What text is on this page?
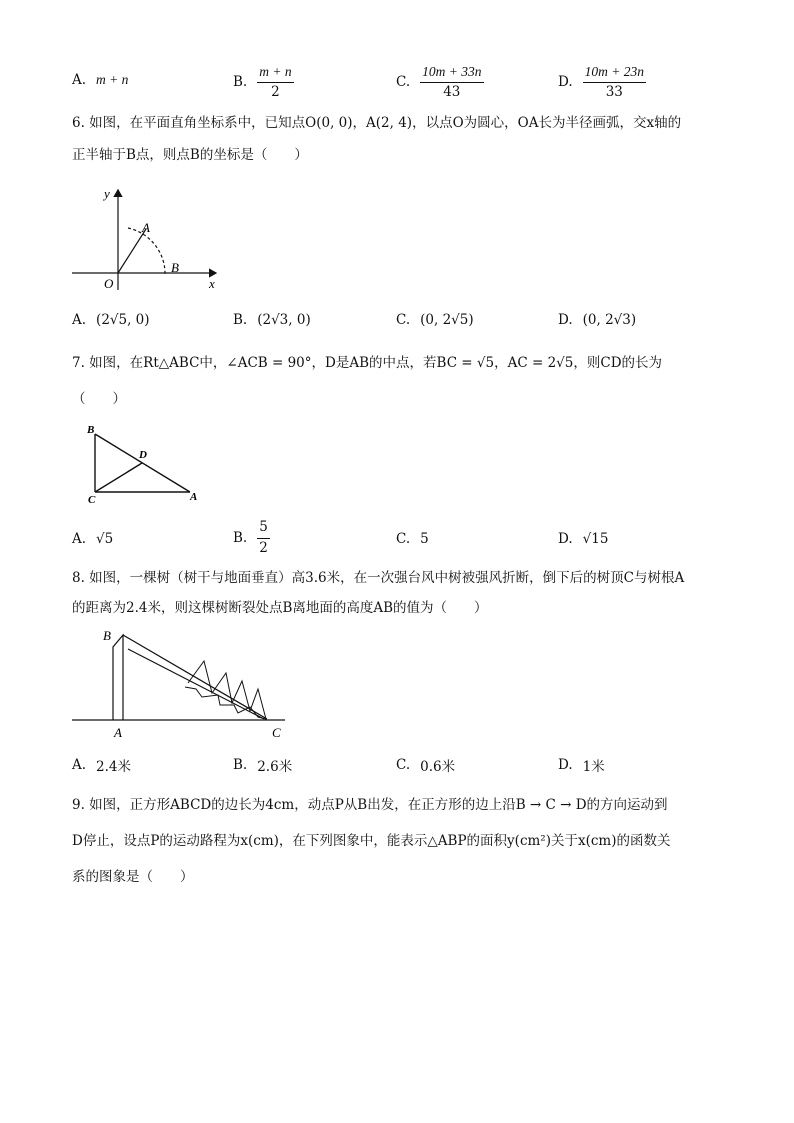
A. m + n	B. $\frac{m + n}{2}$	C. $\frac{10m + 33n}{43}$	D. $\frac{10m + 23n}{33}$
6. 如图，在平面直角坐标系中，已知点O(0, 0)，A(2, 4)，以点O为圆心，OA长为半径画弧，交x轴的
正半轴于B点，则点B的坐标是（　　）
y
x
O
A
B
A. (2√5, 0)	B. (2√3, 0)	C. (0, 2√5)	D. (0, 2√3)
7. 如图，在Rt△ABC中，∠ACB = 90°，D是AB的中点，若BC = √5，AC = 2√5，则CD的长为
（　　）
B
D
C	A
A. √5	B. $\frac{5}{2}$	C. 5	D. √15
8. 如图，一棵树（树干与地面垂直）高3.6米，在一次强台风中树被强风折断，倒下后的树顶C与树根A
的距离为2.4米，则这棵树断裂处点B离地面的高度AB的值为（　　）
B
A	C
A. 2.4米	B. 2.6米	C. 0.6米	D. 1米
9. 如图，正方形ABCD的边长为4cm，动点P从B出发，在正方形的边上沿B → C → D的方向运动到
D停止，设点P的运动路程为x(cm)，在下列图象中，能表示△ABP的面积y(cm²)关于x(cm)的函数关
系的图象是（　　）
